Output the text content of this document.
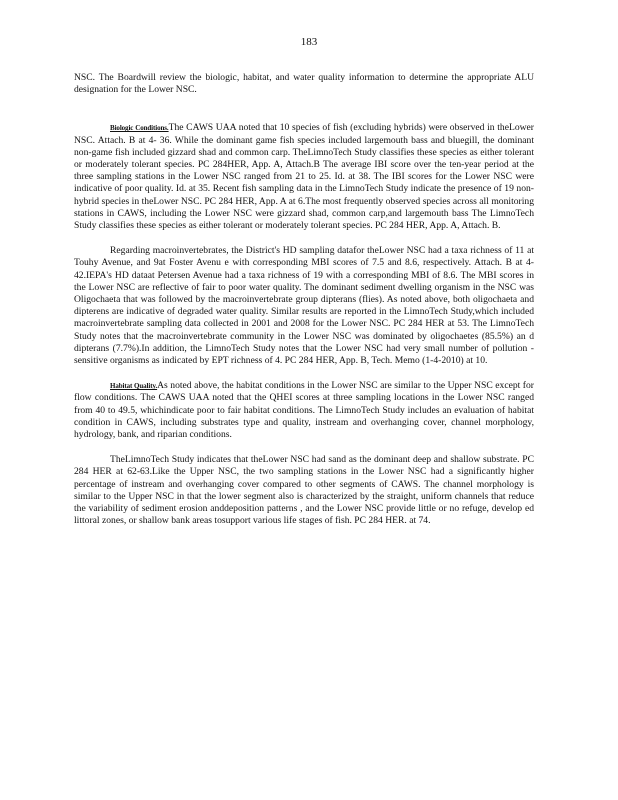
183

NSC. The Boardwill review the biologic, habitat, and water quality information to determine the appropriate ALU designation for the Lower NSC.

Biologic Conditions.The CAWS UAA noted that 10 species of fish (excluding hybrids) were observed in theLower NSC. Attach. B at 4- 36. While the dominant game fish species included largemouth bass and bluegill, the dominant non-game fish included gizzard shad and common carp. TheLimnoTech Study classifies these species as either tolerant or moderately tolerant species. PC 284HER, App. A, Attach.B The average IBI score over the ten-year period at the three sampling stations in the Lower NSC ranged from 21 to 25. Id. at 38. The IBI scores for the Lower NSC were indicative of poor quality. Id. at 35. Recent fish sampling data in the LimnoTech Study indicate the presence of 19 non-hybrid species in theLower NSC. PC 284 HER, App. A at 6.The most frequently observed species across all monitoring stations in CAWS, including the Lower NSC were gizzard shad, common carp,and largemouth bass The LimnoTech Study classifies these species as either tolerant or moderately tolerant species. PC 284 HER, App. A, Attach. B.

Regarding macroinvertebrates, the District's HD sampling datafor theLower NSC had a taxa richness of 11 at Touhy Avenue, and 9at Foster Avenu e with corresponding MBI scores of 7.5 and 8.6, respectively. Attach. B at 4-42.IEPA's HD dataat Petersen Avenue had a taxa richness of 19 with a corresponding MBI of 8.6. The MBI scores in the Lower NSC are reflective of fair to poor water quality. The dominant sediment dwelling organism in the NSC was Oligochaeta that was followed by the macroinvertebrate group dipterans (flies). As noted above, both oligochaeta and dipterens are indicative of degraded water quality. Similar results are reported in the LimnoTech Study,which included macroinvertebrate sampling data collected in 2001 and 2008 for the Lower NSC. PC 284 HER at 53. The LimnoTech Study notes that the macroinvertebrate community in the Lower NSC was dominated by oligochaetes (85.5%) an d dipterans (7.7%).In addition, the LimnoTech Study notes that the Lower NSC had very small number of pollution -sensitive organisms as indicated by EPT richness of 4. PC 284 HER, App. B, Tech. Memo (1-4-2010) at 10.

Habitat Quality.As noted above, the habitat conditions in the Lower NSC are similar to the Upper NSC except for flow conditions. The CAWS UAA noted that the QHEI scores at three sampling locations in the Lower NSC ranged from 40 to 49.5, whichindicate poor to fair habitat conditions. The LimnoTech Study includes an evaluation of habitat condition in CAWS, including substrates type and quality, instream and overhanging cover, channel morphology, hydrology, bank, and riparian conditions.

TheLimnoTech Study indicates that theLower NSC had sand as the dominant deep and shallow substrate. PC 284 HER at 62-63.Like the Upper NSC, the two sampling stations in the Lower NSC had a significantly higher percentage of instream and overhanging cover compared to other segments of CAWS. The channel morphology is similar to the Upper NSC in that the lower segment also is characterized by the straight, uniform channels that reduce the variability of sediment erosion anddeposition patterns , and the Lower NSC provide little or no refuge, develop ed littoral zones, or shallow bank areas tosupport various life stages of fish. PC 284 HER. at 74.
